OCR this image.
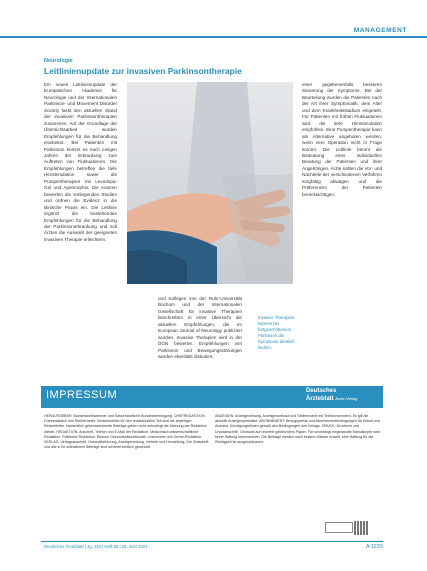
MANAGEMENT
Neurologie
Leitlinienupdate zur invasiven Parkinsontherapie
Ein neues Leitlinienupdate der Europäischen Akademie für Neurologie und der Internationalen Parkinson- und Movement Disorder Society fasst den aktuellen Stand der invasiven Parkinsontherapien zusammen. Auf der Grundlage der Übersichtsarbeit wurden Empfehlungen für die Behandlung erarbeitet. Bei Patienten mit Parkinson kommt es nach einigen Jahren der Erkrankung zum Auftreten von Fluktuationen. Die Empfehlungen betreffen die tiefe Hirnstimulation sowie die Pumpentherapien mit Levodopa-Gel und Apomorphin. Die Autoren bewerten die vorliegenden Studien und ordnen die Evidenz in die klinische Praxis ein. Die Leitlinie ergänzt die bestehenden Empfehlungen für die Behandlung der Parkinsonerkrankung und soll Ärzten die Auswahl der geeigneten invasiven Therapie erleichtern.
und Kollegen von der Ruhr-Universität Bochum und der Internationalen Gesellschaft für invasive Therapien beschreiben in einer Übersicht die aktuellen Empfehlungen, die im European Journal of Neurology publiziert wurden. Invasive Therapien wird in der DGN bewertet. Empfehlungen von Parkinson und Bewegungsstörungen werden ebenfalls diskutiert.
Invasive Therapien können bei fortgeschrittenem Parkinson die Symptome deutlich lindern.
einer gegebenenfalls besseren Steuerung der Symptome. Bei der Beurteilung wurden die Patienten nach der Art ihrer Symptomatik, dem Alter und dem Krankheitsstadium eingeteilt. Für Patienten mit frühen Fluktuationen wird die tiefe Hirnstimulation empfohlen. Eine Pumpentherapie kann als Alternative angeboten werden, wenn eine Operation nicht in Frage kommt. Die Leitlinie betont die Bedeutung einer individuellen Beratung der Patienten und ihrer Angehörigen. Ärzte sollten die Vor- und Nachteile der verschiedenen Verfahren sorgfältig abwägen und die Präferenzen der Patienten berücksichtigen.
IMPRESSUM	Deutsches
Ärzteblatt Ärzte-Verlag
HERAUSGEBER: Bundesärztekammer und Kassenärztliche Bundesvereinigung. CHEFREDAKTION: Chefredakteur und Stellvertreter. Verantwortlich für den redaktionellen Teil sind die jeweiligen Ressortleiter. Namentlich gekennzeichnete Beiträge geben nicht unbedingt die Meinung der Redaktion wieder. REDAKTION: Anschrift, Telefon und E-Mail der Redaktion. Medizinisch-wissenschaftliche Redaktion. Politische Redaktion. Ressort Gesundheitswirtschaft. Leserbriefe und Online-Redaktion. VERLAG: Verlagsanschrift, Geschäftsführung, Anzeigenleitung, Vertrieb und Herstellung. Die Zeitschrift und alle in ihr enthaltenen Beiträge sind urheberrechtlich geschützt.
ANZEIGEN: Anzeigenleitung, Anzeigenverkauf und Stellenmarkt mit Telefonnummern. Es gilt die aktuelle Anzeigenpreisliste. ABONNEMENT: Bezugspreise und Abonnementbedingungen für Inland und Ausland. Kündigungsfristen gemäß den Bedingungen des Verlags. DRUCK: Druckerei und Druckanschrift. Gedruckt auf chlorfrei gebleichtem Papier. Für unverlangt eingesandte Manuskripte wird keine Haftung übernommen. Die Beiträge werden nach bestem Wissen erstellt, eine Haftung für die Richtigkeit ist ausgeschlossen.
Deutsches Ärzteblatt | Jg. 118 | Heft 25 | 25. Juni 2021	A 1233
